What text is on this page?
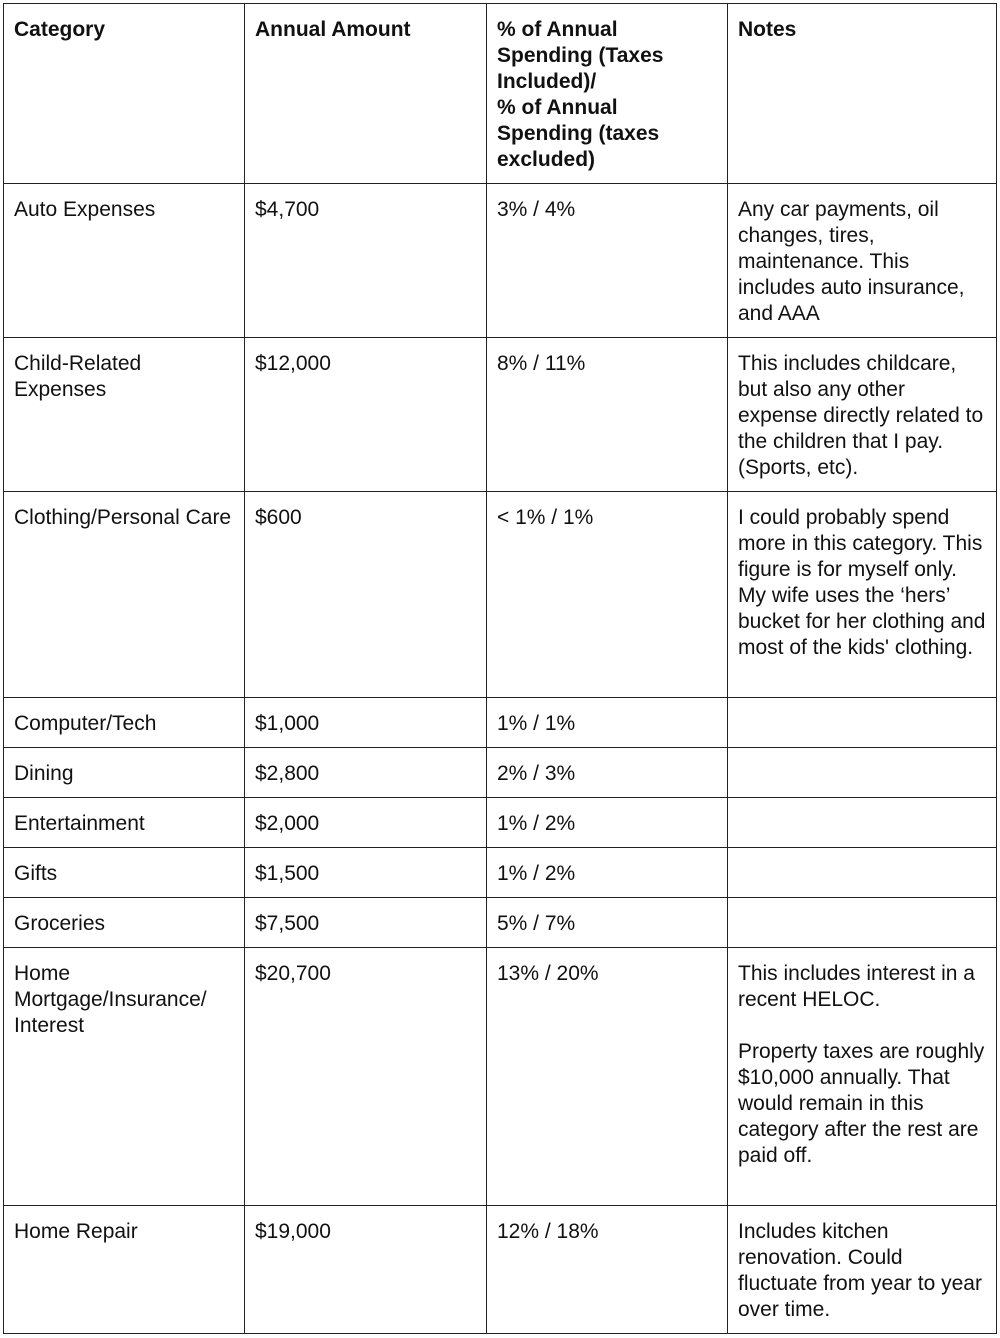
Category	Annual Amount	% of Annual Spending (Taxes Included)/
% of Annual Spending (taxes excluded)	Notes
Auto Expenses	$4,700	3% / 4%	Any car payments, oil changes, tires, maintenance. This includes auto insurance, and AAA

Child-Related Expenses	$12,000	8% / 11%	This includes childcare, but also any other expense directly related to the children that I pay. (Sports, etc).

Clothing/Personal Care	$600	< 1% / 1%	I could probably spend more in this category. This figure is for myself only. My wife uses the ‘hers’ bucket for her clothing and most of the kids' clothing.

Computer/Tech	$1,000	1% / 1%	

Dining	$2,800	2% / 3%	

Entertainment	$2,000	1% / 2%	

Gifts	$1,500	1% / 2%	

Groceries	$7,500	5% / 7%	

Home Mortgage/Insurance/ Interest	$20,700	13% / 20%	This includes interest in a recent HELOC.
Property taxes are roughly $10,000 annually. That would remain in this category after the rest are paid off.

Home Repair	$19,000	12% / 18%	Includes kitchen renovation. Could fluctuate from year to year over time.
